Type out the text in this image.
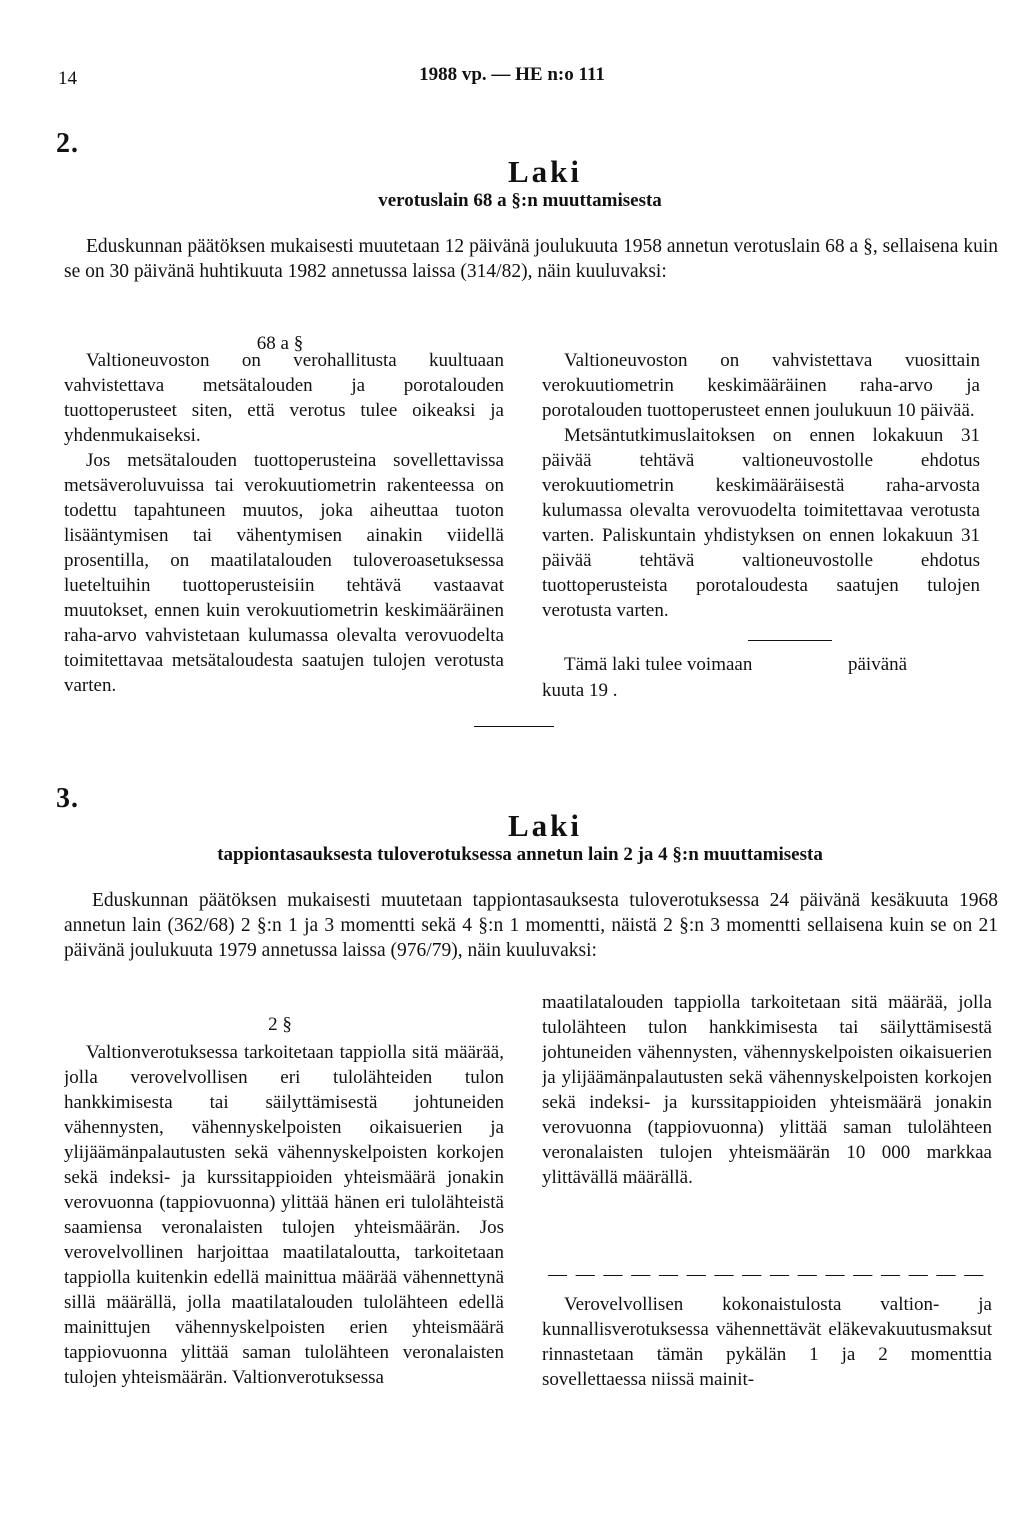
14	1988 vp. — HE n:o 111
2.
Laki
verotuslain 68 a §:n muuttamisesta

Eduskunnan päätöksen mukaisesti muutetaan 12 päivänä joulukuuta 1958 annetun verotuslain 68 a §, sellaisena kuin se on 30 päivänä huhtikuuta 1982 annetussa laissa (314/82), näin kuuluvaksi:

68 a §

Valtioneuvoston on verohallitusta kuultuaan vahvistettava metsätalouden ja porotalouden tuottoperusteet siten, että verotus tulee oikeaksi ja yhdenmukaiseksi.

Jos metsätalouden tuottoperusteina sovellettavissa metsäveroluvuissa tai verokuutiometrin rakenteessa on todettu tapahtuneen muutos, joka aiheuttaa tuoton lisääntymisen tai vähentymisen ainakin viidellä prosentilla, on maatilatalouden tuloveroasetuksessa lueteltuihin tuottoperusteisiin tehtävä vastaavat muutokset, ennen kuin verokuutiometrin keskimääräinen raha-arvo vahvistetaan kulumassa olevalta verovuodelta toimitettavaa metsätaloudesta saatujen tulojen verotusta varten.

Valtioneuvoston on vahvistettava vuosittain verokuutiometrin keskimääräinen raha-arvo ja porotalouden tuottoperusteet ennen joulukuun 10 päivää.

Metsäntutkimuslaitoksen on ennen lokakuun 31 päivää tehtävä valtioneuvostolle ehdotus verokuutiometrin keskimääräisestä raha-arvosta kulumassa olevalta verovuodelta toimitettavaa verotusta varten. Paliskuntain yhdistyksen on ennen lokakuun 31 päivää tehtävä valtioneuvostolle ehdotus tuottoperusteista porotaloudesta saatujen tulojen verotusta varten.

Tämä laki tulee voimaan	päivänä
kuuta 19 .
3.
Laki
tappiontasauksesta tuloverotuksessa annetun lain 2 ja 4 §:n muuttamisesta

Eduskunnan päätöksen mukaisesti muutetaan tappiontasauksesta tuloverotuksessa 24 päivänä kesäkuuta 1968 annetun lain (362/68) 2 §:n 1 ja 3 momentti sekä 4 §:n 1 momentti, näistä 2 §:n 3 momentti sellaisena kuin se on 21 päivänä joulukuuta 1979 annetussa laissa (976/79), näin kuuluvaksi:

2 §

Valtionverotuksessa tarkoitetaan tappiolla sitä määrää, jolla verovelvollisen eri tulolähteiden tulon hankkimisesta tai säilyttämisestä johtuneiden vähennysten, vähennyskelpoisten oikaisuerien ja ylijäämänpalautusten sekä vähennyskelpoisten korkojen sekä indeksi- ja kurssitappioiden yhteismäärä jonakin verovuonna (tappiovuonna) ylittää hänen eri tulolähteistä saamiensa veronalaisten tulojen yhteismäärän. Jos verovelvollinen harjoittaa maatilataloutta, tarkoitetaan tappiolla kuitenkin edellä mainittua määrää vähennettynä sillä määrällä, jolla maatilatalouden tulolähteen edellä mainittujen vähennyskelpoisten erien yhteismäärä tappiovuonna ylittää saman tulolähteen veronalaisten tulojen yhteismäärän. Valtionverotuksessa

maatilatalouden tappiolla tarkoitetaan sitä määrää, jolla tulolähteen tulon hankkimisesta tai säilyttämisestä johtuneiden vähennysten, vähennyskelpoisten oikaisuerien ja ylijäämänpalautusten sekä vähennyskelpoisten korkojen sekä indeksi- ja kurssitappioiden yhteismäärä jonakin verovuonna (tappiovuonna) ylittää saman tulolähteen veronalaisten tulojen yhteismäärän 10 000 markkaa ylittävällä määrällä.

— — — — — — — — — — — — — — — —

Verovelvollisen kokonaistulosta valtion- ja kunnallisverotuksessa vähennettävät eläkevakuutusmaksut rinnastetaan tämän pykälän 1 ja 2 momenttia sovellettaessa niissä mainit-
